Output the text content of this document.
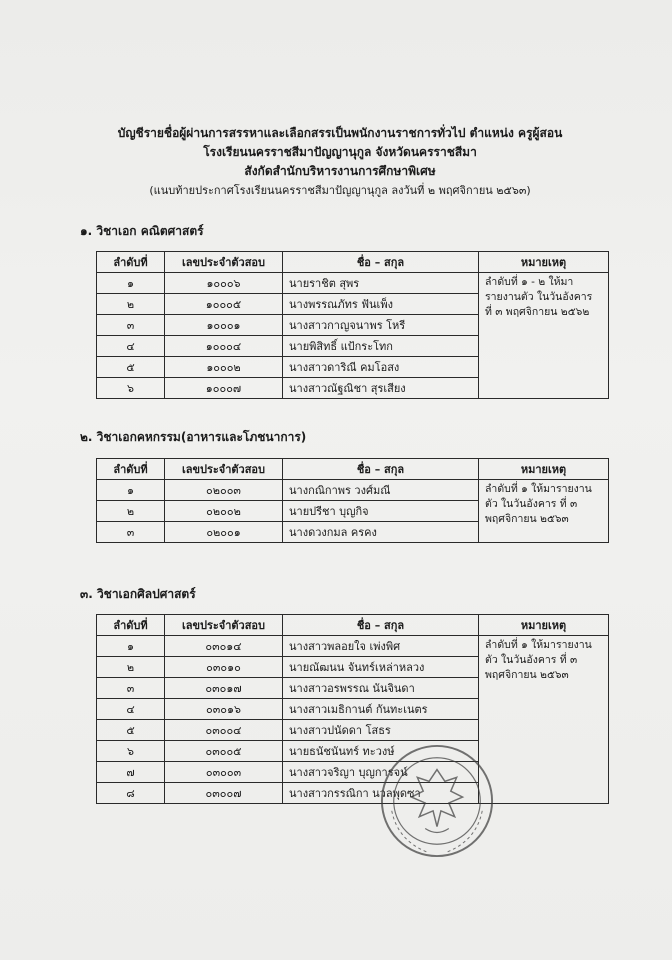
บัญชีรายชื่อผู้ผ่านการสรรหาและเลือกสรรเป็นพนักงานราชการทั่วไป ตำแหน่ง ครูผู้สอน
โรงเรียนนครราชสีมาปัญญานุกูล จังหวัดนครราชสีมา
สังกัดสำนักบริหารงานการศึกษาพิเศษ
(แนบท้ายประกาศโรงเรียนนครราชสีมาปัญญานุกูล ลงวันที่ ๒ พฤศจิกายน ๒๕๖๓)
๑. วิชาเอก คณิตศาสตร์
ลำดับที่	เลขประจำตัวสอบ	ชื่อ – สกุล	หมายเหตุ
๑	๑๐๐๐๖	นายราชิต สุพร	ลำดับที่ ๑ - ๒ ให้มารายงานตัว ในวันอังคาร ที่ ๓ พฤศจิกายน ๒๕๖๒
๒	๑๐๐๐๕	นางพรรณภัทร ฟันเพ็ง	
๓	๑๐๐๐๑	นางสาวกาญจนาพร โหรี	
๔	๑๐๐๐๔	นายพิสิทธิ์ แป้กระโทก	
๕	๑๐๐๐๒	นางสาวดาริณี คมโอสง	
๖	๑๐๐๐๗	นางสาวณัฐณิชา สุรเสียง	
๒. วิชาเอกคหกรรม(อาหารและโภชนาการ)
ลำดับที่	เลขประจำตัวสอบ	ชื่อ – สกุล	หมายเหตุ
๑	๐๒๐๐๓	นางกณิกาพร วงศ์มณี	ลำดับที่ ๑ ให้มารายงานตัว ในวันอังคาร ที่ ๓ พฤศจิกายน ๒๕๖๓
๒	๐๒๐๐๒	นายปรีชา บุญกิจ	
๓	๐๒๐๐๑	นางดวงกมล ครคง	
๓. วิชาเอกศิลปศาสตร์
ลำดับที่	เลขประจำตัวสอบ	ชื่อ – สกุล	หมายเหตุ
๑	๐๓๐๑๔	นางสาวพลอยใจ เพ่งพิศ	ลำดับที่ ๑ ให้มารายงานตัว ในวันอังคาร ที่ ๓ พฤศจิกายน ๒๕๖๓
๒	๐๓๐๑๐	นายณัฒนน จันทร์เหล่าหลวง	
๓	๐๓๐๑๗	นางสาวอรพรรณ นันจินดา	
๔	๐๓๐๑๖	นางสาวเมธิกานต์ กันทะเนตร	
๕	๐๓๐๐๔	นางสาวปนัดดา โสธร	
๖	๐๓๐๐๕	นายธนัชนันทร์ ทะวงษ์	
๗	๐๓๐๐๓	นางสาวจริญา บุญการจน์	
๘	๐๓๐๐๗	นางสาวกรรณิกา นวลพุดซา	
